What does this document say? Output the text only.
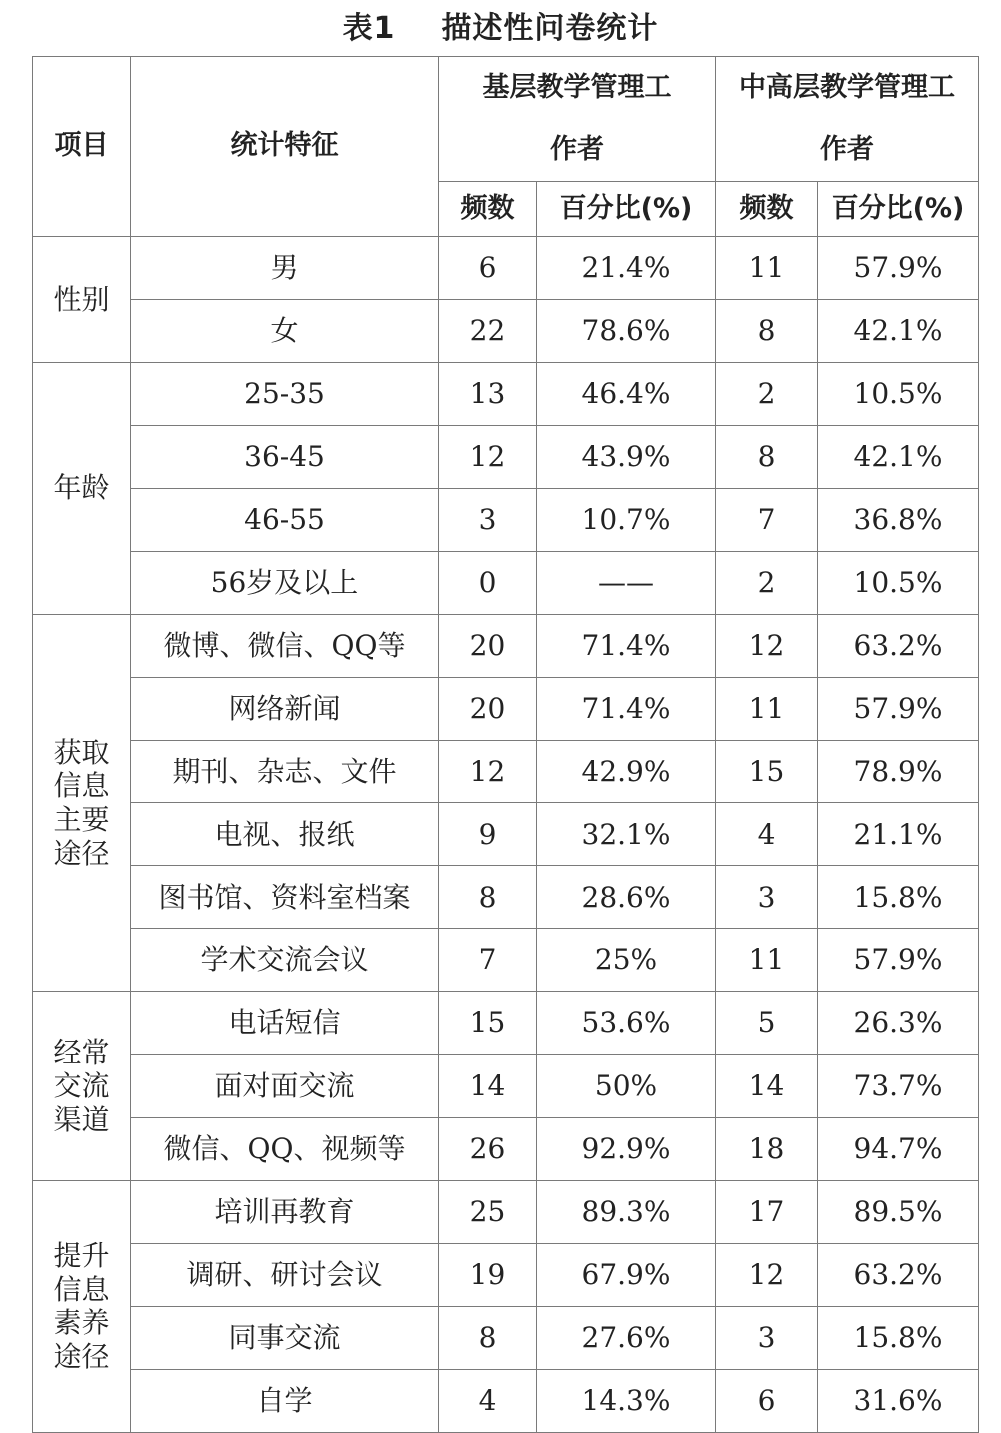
表1 描述性问卷统计
项目	统计特征	基层教学管理工作者		中高层教学管理工作者	
		频数	百分比(%)	频数	百分比(%)
性别	男	6	21.4%	11	57.9%
	女	22	78.6%	8	42.1%
年龄	25-35	13	46.4%	2	10.5%
	36-45	12	43.9%	8	42.1%
	46-55	3	10.7%	7	36.8%
	56岁及以上	0	——	2	10.5%
获取信息主要途径	微博、微信、QQ等	20	71.4%	12	63.2%
	网络新闻	20	71.4%	11	57.9%
	期刊、杂志、文件	12	42.9%	15	78.9%
	电视、报纸	9	32.1%	4	21.1%
	图书馆、资料室档案	8	28.6%	3	15.8%
	学术交流会议	7	25%	11	57.9%
经常交流渠道	电话短信	15	53.6%	5	26.3%
	面对面交流	14	50%	14	73.7%
	微信、QQ、视频等	26	92.9%	18	94.7%
提升信息素养途径	培训再教育	25	89.3%	17	89.5%
	调研、研讨会议	19	67.9%	12	63.2%
	同事交流	8	27.6%	3	15.8%
	自学	4	14.3%	6	31.6%
